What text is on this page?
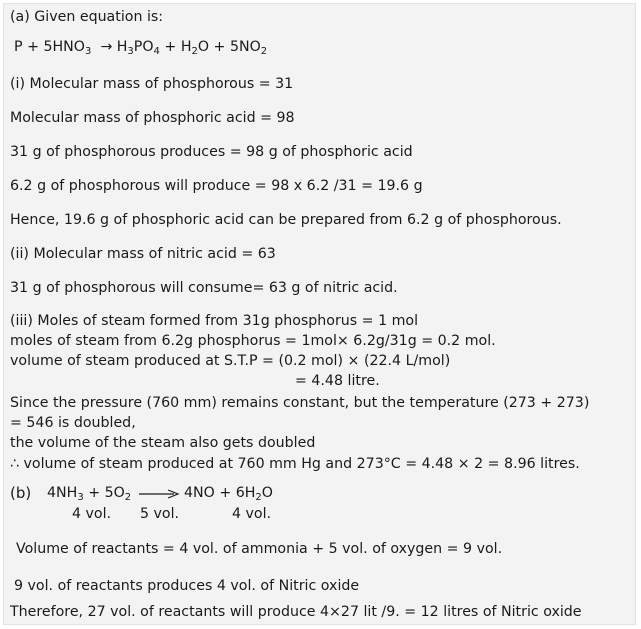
(a) Given equation is:
$P + 5HNO_3 \to H_3PO_4 + H_2O + 5NO_2$
(i) Molecular mass of phosphorous = 31
Molecular mass of phosphoric acid = 98
31 g of phosphorous produces = 98 g of phosphoric acid
6.2 g of phosphorous will produce = 98 x 6.2 /31 = 19.6 g
Hence, 19.6 g of phosphoric acid can be prepared from 6.2 g of phosphorous.
(ii) Molecular mass of nitric acid = 63
31 g of phosphorous will consume= 63 g of nitric acid.
(iii) Moles of steam formed from 31g phosphorus = 1 mol
moles of steam from 6.2g phosphorus = 1mol× 6.2g/31g = 0.2 mol.
volume of steam produced at S.T.P = (0.2 mol) × (22.4 L/mol)
= 4.48 litre.
Since the pressure (760 mm) remains constant, but the temperature (273 + 273)
= 546 is doubled,
the volume of the steam also gets doubled
∴ volume of steam produced at 760 mm Hg and 273°C = 4.48 × 2 = 8.96 litres.
(b) $4NH_3 + 5O_2 \to 4NO + 6H_2O$
4 vol. 5 vol.	4 vol.
Volume of reactants = 4 vol. of ammonia + 5 vol. of oxygen = 9 vol.
9 vol. of reactants produces 4 vol. of Nitric oxide
Therefore, 27 vol. of reactants will produce 4×27 lit /9. = 12 litres of Nitric oxide
